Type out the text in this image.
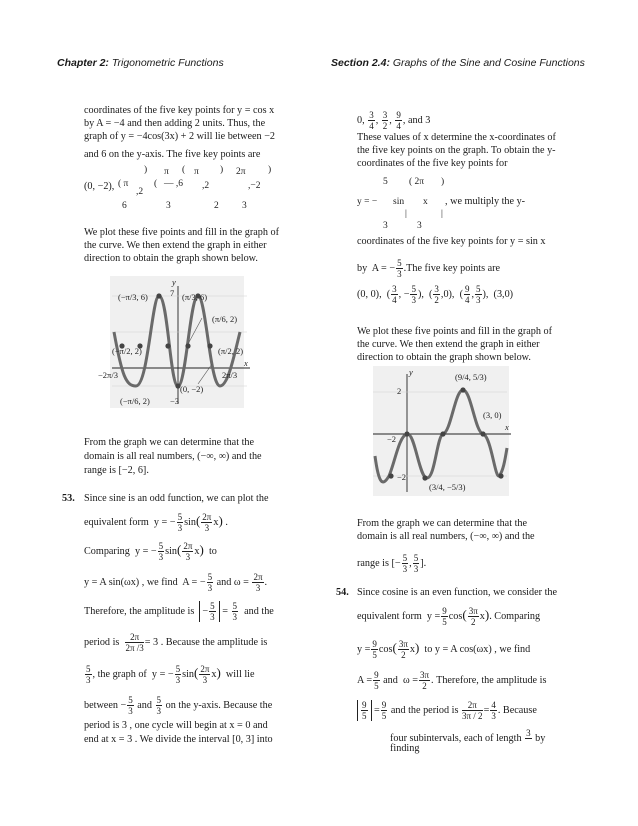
Chapter 2: Trigonometric Functions	Section 2.4: Graphs of the Sine and Cosine Functions
coordinates of the five key points for y = cos x
by A = −4 and then adding 2 units. Thus, the
graph of y = −4cos(3x) + 2 will lie between −2
and 6 on the y-axis. The five key points are
(0, −2), ( π
,2
6
(
π
— ,6
3
π
,2
2
2π
,−2
3
)	(	)	)
We plot these five points and fill in the graph of
the curve. We then extend the graph in either
direction to obtain the graph shown below.
y
7
x
(−π/3, 6)	(π/3, 6)
(π/6, 2)
(−π/2, 2)	(π/2, 2)
(0, −2)
(−π/6, 2) −3
−2π/3	2π/3
From the graph we can determine that the
domain is all real numbers, (−∞, ∞) and the
range is [−2, 6].
53. Since sine is an odd function, we can plot the
equivalent form  y = − $\frac{5}{3} \sin( \frac{2\pi}{3} x)$ .
Comparing  y = − $\frac{5}{3} \sin( \frac{2\pi}{3} x)$ to
y = A sin(ωx) , we find  A = − $\frac{5}{3}$ and $\omega = \frac{2\pi}{3}$ .
Therefore, the amplitude is − $\frac{5}{3} = \frac{5}{3}$ and the
period is $\frac{2\pi}{2\pi /3} = 3$ . Because the amplitude is
$\frac{5}{3}$ , the graph of  y = − $\frac{5}{3} \sin( \frac{2\pi}{3} x)$ will lie
between − $\frac{5}{3}$ and $\frac{5}{3}$ on the y-axis. Because the
period is 3 , one cycle will begin at x = 0 and
end at x = 3 . We divide the interval [0, 3] into
0, $\frac{3}{4}$ , $\frac{3}{2}$ , $\frac{9}{4}$ , and 3
These values of x determine the x-coordinates of
the five key points on the graph. To obtain the y-
coordinates of the five key points for
5 ( 2π )
y = − sin x
3
|
3
|
, we multiply the y-
coordinates of the five key points for y = sin x
by  A = − $\frac{5}{3} .The$ five key points are
(0, 0),  ( $\frac{3}{4}$ , − $\frac{5}{3}$ ),  ( $\frac{3}{2} ,0$),  ( $\frac{9}{4}$ , $\frac{5}{3}$ ),  (3,0)
We plot these five points and fill in the graph of
the curve. We then extend the graph in either
direction to obtain the graph shown below.
y
2
−2
x
(9/4, 5/3)
(3, 0)
(3/4, −5/3)
−2
From the graph we can determine that the
domain is all real numbers, (−∞, ∞) and the
range is [− $\frac{5}{3}$ , $\frac{5}{3}$ ].
54. Since cosine is an even function, we consider the
equivalent form  $y = \frac{9}{5} \cos( \frac{3\pi}{2} x)$. Comparing
$y = \frac{9}{5} \cos( \frac{3\pi}{2} x)$ to y = A cos(ωx) , we find
$A = \frac{9}{5}$ and  $\omega = \frac{3\pi}{2}$ . Therefore, the amplitude is
$\frac{9}{5} = \frac{9}{5}$ and the period is $\frac{2\pi}{3\pi / 2} = \frac{4}{3}$ . Because
four subintervals, each of length 3
by
finding
